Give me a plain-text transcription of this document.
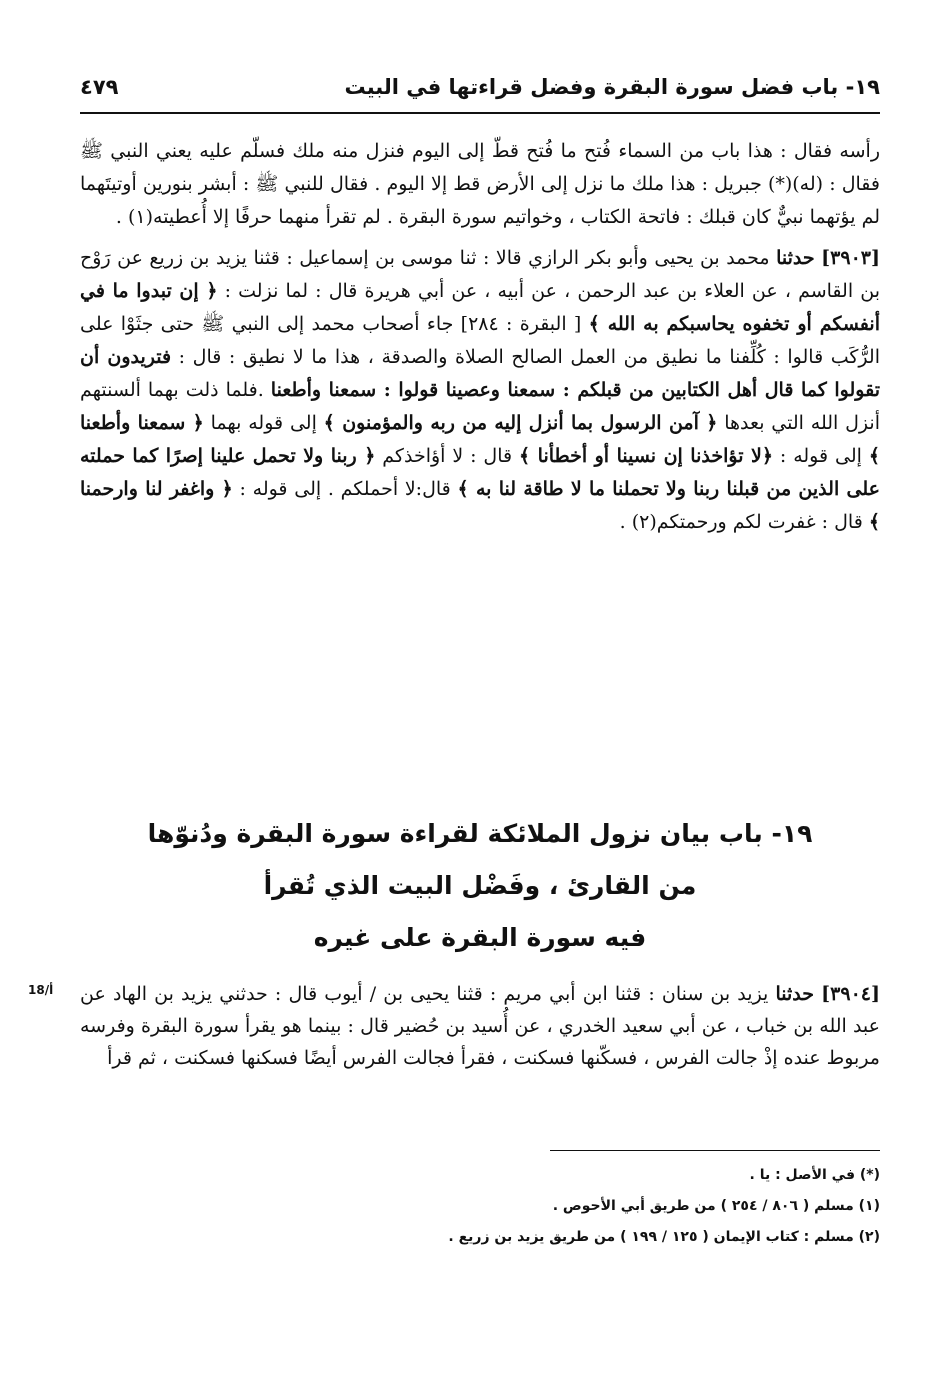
١٩- باب فضل سورة البقرة وفضل قراءتها في البيت
٤٧٩

رأسه فقال : هذا باب من السماء فُتح ما فُتح قطّ إلى اليوم فنزل منه ملك فسلّم عليه يعني النبي ﷺ فقال : (له)(*) جبريل : هذا ملك ما نزل إلى الأرض قط إلا اليوم . فقال للنبي ﷺ : أبشر بنورين أوتيتَهما لم يؤتهما نبيٌّ كان قبلك : فاتحة الكتاب ، وخواتيم سورة البقرة . لم تقرأ منهما حرفًا إلا أُعطيته(١) .

[٣٩٠٣] حدثنا محمد بن يحيى وأبو بكر الرازي قالا : ثنا موسى بن إسماعيل : قثنا يزيد بن زريع عن رَوْح بن القاسم ، عن العلاء بن عبد الرحمن ، عن أبيه ، عن أبي هريرة قال : لما نزلت : ﴿ إن تبدوا ما في أنفسكم أو تخفوه يحاسبكم به الله ﴾ [ البقرة : ٢٨٤] جاء أصحاب محمد إلى النبي ﷺ حتى جثَوْا على الرُّكَب قالوا : كُلِّفنا ما نطيق من العمل الصالح الصلاة والصدقة ، هذا ما لا نطيق : قال : فتريدون أن تقولوا كما قال أهل الكتابين من قبلكم : سمعنا وعصينا قولوا : سمعنا وأطعنا .فلما ذلت بهما ألسنتهم أنزل الله التي بعدها ﴿ آمن الرسول بما أنزل إليه من ربه والمؤمنون ﴾ إلى قوله بهما ﴿ سمعنا وأطعنا ﴾ إلى قوله : ﴿لا تؤاخذنا إن نسينا أو أخطأنا ﴾ قال : لا أؤاخذكم ﴿ ربنا ولا تحمل علينا إصرًا كما حملته على الذين من قبلنا ربنا ولا تحملنا ما لا طاقة لنا به ﴾ قال:لا أحملكم . إلى قوله : ﴿ واغفر لنا وارحمنا ﴾ قال : غفرت لكم ورحمتكم(٢) .

١٩- باب بيان نزول الملائكة لقراءة سورة البقرة ودُنوّها
من القارئ ، وفَضْل البيت الذي تُقرأ
فيه سورة البقرة على غيره
18/أ	[٣٩٠٤] حدثنا يزيد بن سنان : قثنا ابن أبي مريم : قثنا يحيى بن / أيوب قال : حدثني يزيد بن الهاد عن عبد الله بن خباب ، عن أبي سعيد الخدري ، عن أُسيد بن حُضير قال : بينما هو يقرأ سورة البقرة وفرسه مربوط عنده إذْ جالت الفرس ، فسكّنها فسكنت ، فقرأ فجالت الفرس أيضًا فسكنها فسكنت ، ثم قرأ

(*) في الأصل : يا .
(١) مسلم ( ٨٠٦ / ٢٥٤ ) من طريق أبي الأحوص .
(٢) مسلم : كتاب الإيمان ( ١٢٥ / ١٩٩ ) من طريق يزيد بن زريع .
